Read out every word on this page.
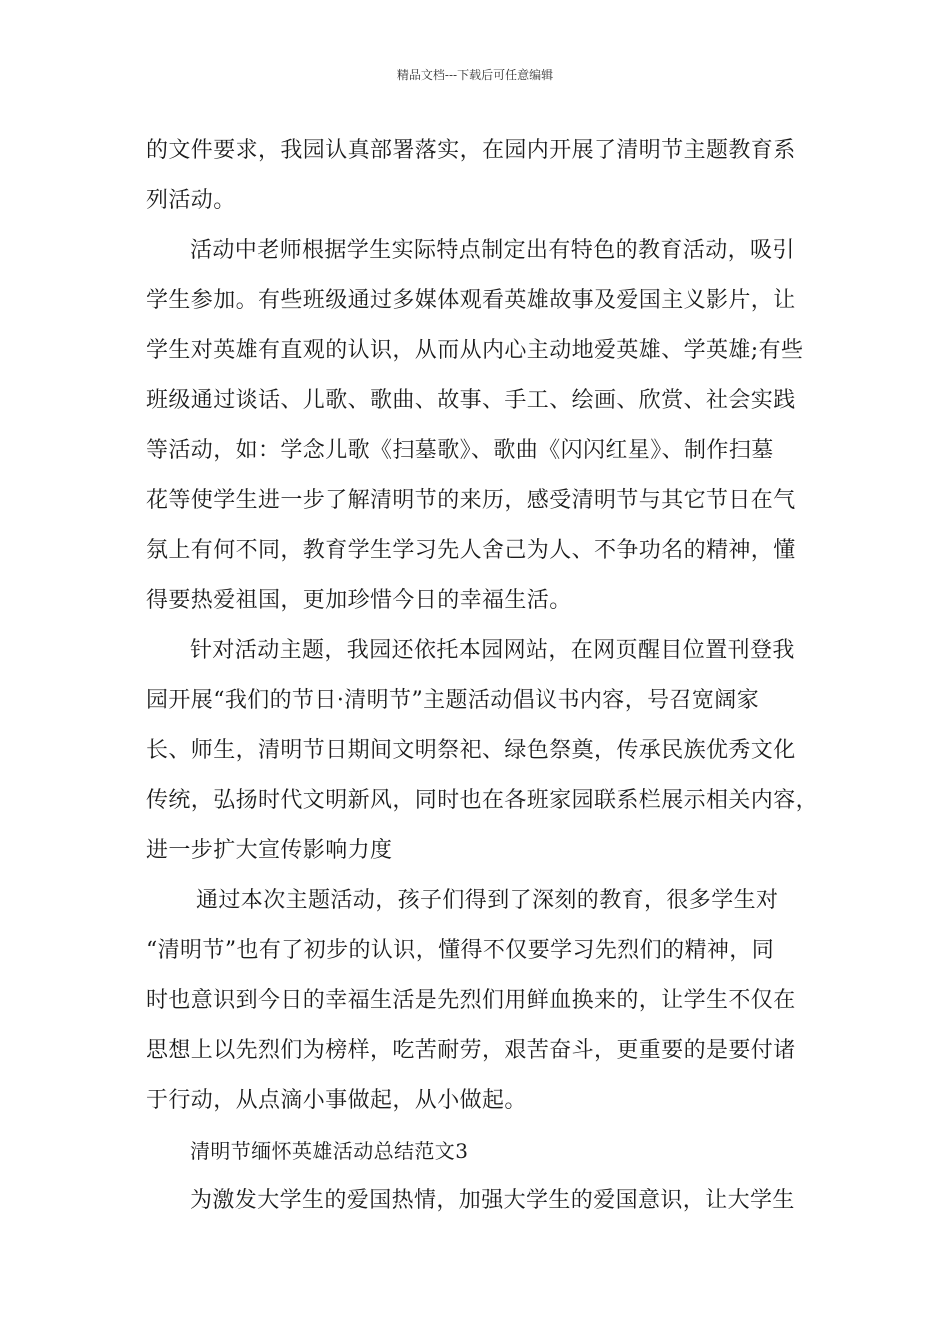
精品文档---下载后可任意编辑
的文件要求，我园认真部署落实，在园内开展了清明节主题教育系
列活动。
活动中老师根据学生实际特点制定出有特色的教育活动，吸引
学生参加。有些班级通过多媒体观看英雄故事及爱国主义影片，让
学生对英雄有直观的认识，从而从内心主动地爱英雄、学英雄;有些
班级通过谈话、儿歌、歌曲、故事、手工、绘画、欣赏、社会实践
等活动，如：学念儿歌《扫墓歌》、歌曲《闪闪红星》、制作扫墓
花等使学生进一步了解清明节的来历，感受清明节与其它节日在气
氛上有何不同，教育学生学习先人舍己为人、不争功名的精神，懂
得要热爱祖国，更加珍惜今日的幸福生活。
针对活动主题，我园还依托本园网站，在网页醒目位置刊登我
园开展“我们的节日·清明节”主题活动倡议书内容，号召宽阔家
长、师生，清明节日期间文明祭祀、绿色祭奠，传承民族优秀文化
传统，弘扬时代文明新风，同时也在各班家园联系栏展示相关内容，
进一步扩大宣传影响力度
通过本次主题活动，孩子们得到了深刻的教育，很多学生对
“清明节”也有了初步的认识，懂得不仅要学习先烈们的精神，同
时也意识到今日的幸福生活是先烈们用鲜血换来的，让学生不仅在
思想上以先烈们为榜样，吃苦耐劳，艰苦奋斗，更重要的是要付诸
于行动，从点滴小事做起，从小做起。
清明节缅怀英雄活动总结范文3
为激发大学生的爱国热情，加强大学生的爱国意识，让大学生
